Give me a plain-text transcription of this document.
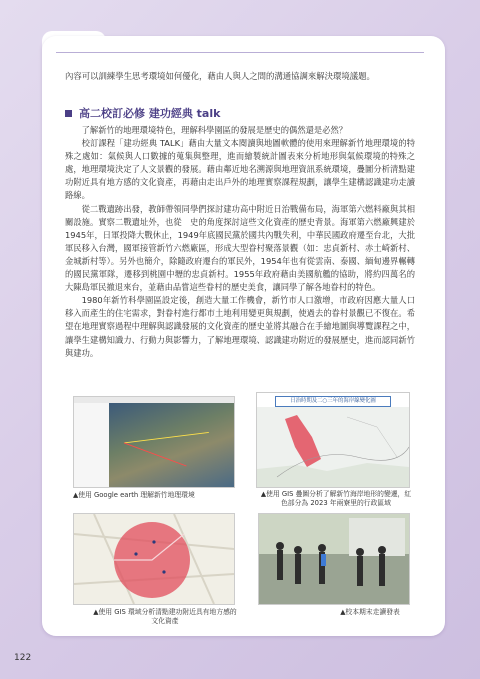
內容可以訓練學生思考環境如何優化，藉由人與人之間的溝通協調來解決環境議題。
高二校訂必修 建功經典 talk

了解新竹的地理環境特色，理解科學園區的發展是歷史的偶然還是必然？

校訂課程「建功經典 TALK」藉由大量文本閱讀與地圖軟體的使用來理解新竹地理環境的特殊之處如：氣候與人口數據的蒐集與整理，進而繪製統計圖表來分析地形與氣候環境的特殊之處，地理環境決定了人文景觀的發展。藉由鄰近地名溯源與地理資訊系統環境，疊圖分析清點建功附近具有地方感的文化資產，再藉由走出戶外的地理實察課程規劃，讓學生建構認識建功走讀路線。

從二戰遺跡出發，教師帶領同學們探討建功高中附近日治戰備布局，海軍第六燃料廠與其相關設施。實察二戰遺址外，也從　史的角度探討這些文化資產的歷史背景。海軍第六燃廠興建於1945年，日軍投降大戰休止，1949年底國民黨於國共內戰失利，中華民國政府遷至台北，大批軍民移入台灣，國軍接管新竹六燃廠區，形成大型眷村聚落景觀（如：忠貞新村、赤土崎新村、金城新村等）。另外也簡介，除隨政府遷台的軍民外，1954年也有從雲南、泰國、緬甸邊界輾轉的國民黨軍隊，遷移到桃園中壢的忠貞新村。1955年政府藉由美國航艦的協助，將約四萬名的大陳島軍民撤退來台，並藉由品嘗這些眷村的歷史美食，讓同學了解各地眷村的特色。

1980年新竹科學園區設定後，創造大量工作機會，新竹市人口激增，市政府因應大量人口移入而產生的住宅需求，對眷村進行都市土地利用變更與規劃，使過去的眷村景觀已不復在。希望在地理實察過程中理解與認識發展的文化資產的歷史並將其融合在手繪地圖與導覽課程之中，讓學生建構知識力、行動力與影響力，了解地理環境、認識建功附近的發展歷史，進而認同新竹與建功。

▲使用 Google earth 理解新竹地理環境
日治時期及二○三年的海岸線變化圖
▲使用 GIS 疊圖分析了解新竹海岸地形的變遷，紅色部分為 2023 年兩寮里的行政區域
▲使用 GIS 環域分析清點建功附近具有地方感的文化資產
▲校本期末走讀發表
122
